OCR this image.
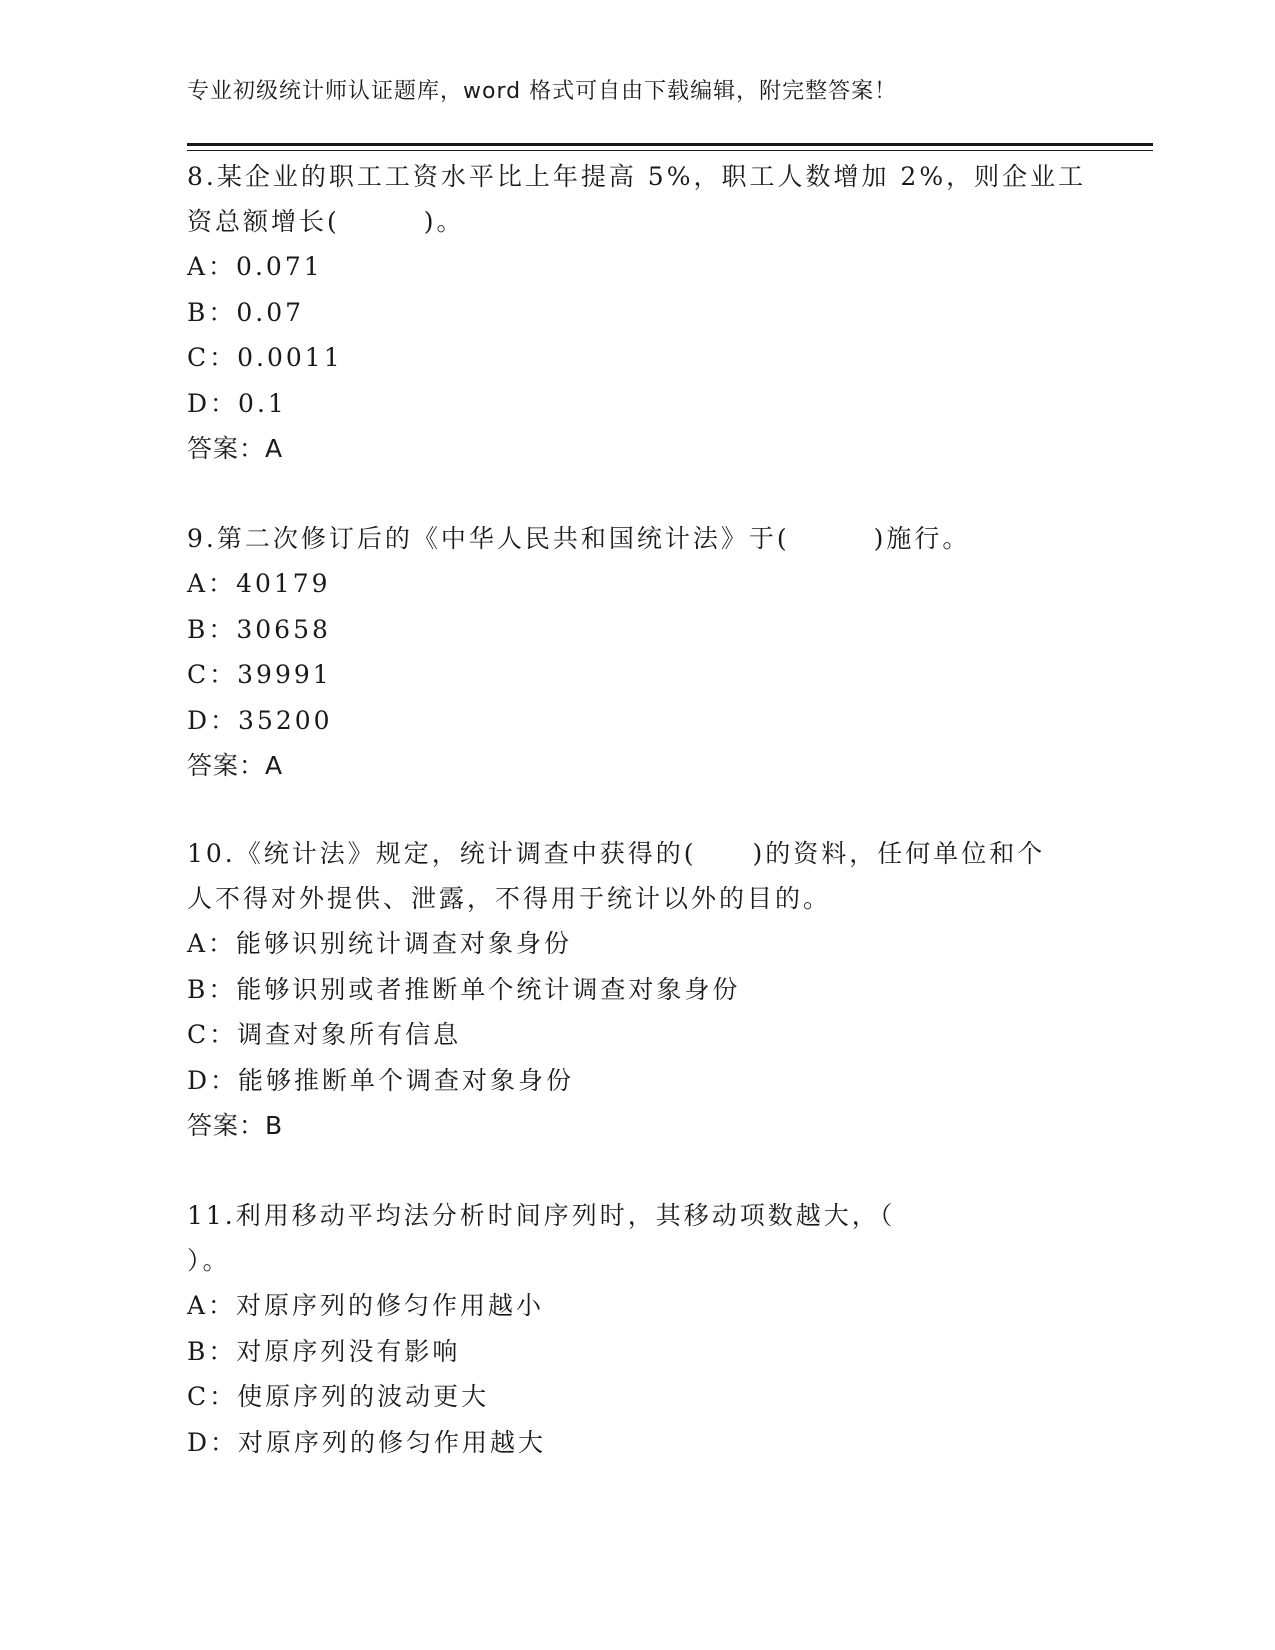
专业初级统计师认证题库，word 格式可自由下载编辑，附完整答案！

8.某企业的职工工资水平比上年提高 5%，职工人数增加 2%，则企业工

资总额增长(　　　)。

A：0.071

B：0.07

C：0.0011

D：0.1

答案：A

9.第二次修订后的《中华人民共和国统计法》于(　　　)施行。

A：40179

B：30658

C：39991

D：35200

答案：A

10.《统计法》规定，统计调查中获得的(　　)的资料，任何单位和个

人不得对外提供、泄露，不得用于统计以外的目的。

A：能够识别统计调查对象身份

B：能够识别或者推断单个统计调查对象身份

C：调查对象所有信息

D：能够推断单个调查对象身份

答案：B

11.利用移动平均法分析时间序列时，其移动项数越大，（

）。

A：对原序列的修匀作用越小

B：对原序列没有影响

C：使原序列的波动更大

D：对原序列的修匀作用越大
